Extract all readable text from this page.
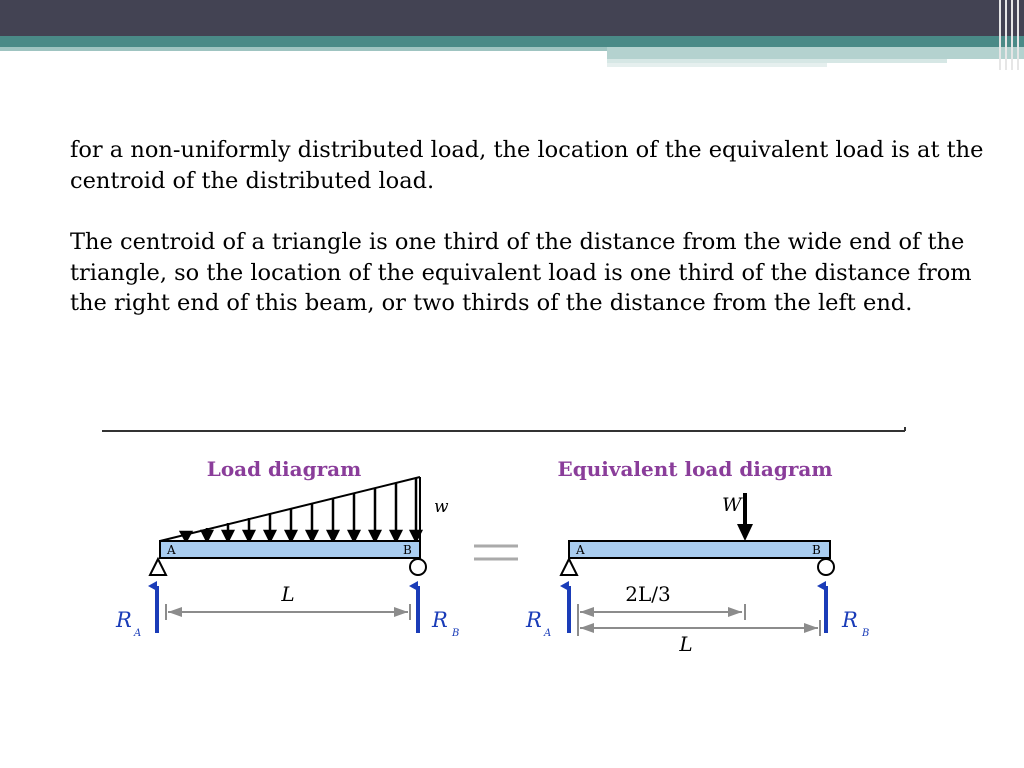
for a non-uniformly distributed load, the location of the equivalent load is at the centroid of the distributed load.

The centroid of a triangle is one third of the distance from the wide end of the triangle, so the location of the equivalent load is one third of the distance from the right end of this beam, or two thirds of the distance from the left end.

Load diagram
w
A	B
R
A
R
B
L
=
Equivalent load diagram
W
A	B
R
A
R
B
2L/3
L
